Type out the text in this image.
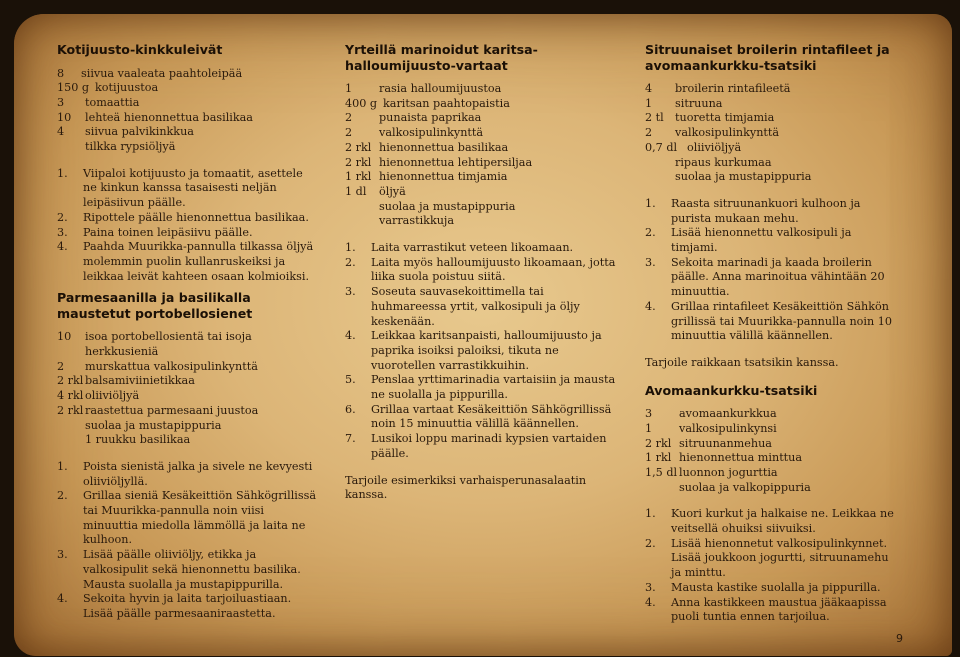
Kotijuusto-kinkkuleivät
8	siivua vaaleata paahtoleipää
150 g kotijuustoa
3	tomaattia
10	lehteä hienonnettua basilikaa
4	siivua palvikinkkua
tilkka rypsiöljyä
1.	Viipaloi kotijuusto ja tomaatit, asettele ne kinkun kanssa tasaisesti neljän leipäsiivun päälle.
2.	Ripottele päälle hienonnettua basilikaa.
3.	Paina toinen leipäsiivu päälle.
4.	Paahda Muurikka-pannulla tilkassa öljyä molemmin puolin kullanruskeiksi ja leikkaa leivät kahteen osaan kolmioiksi.
Parmesaanilla ja basilikalla maustetut portobellosienet
10	isoa portobellosientä tai isoja herkkusieniä
2	murskattua valkosipulinkynttä
2 rkl balsamiviinietikkaa
4 rkl oliiviöljyä
2 rkl raastettua parmesaani juustoa
suolaa ja mustapippuria
1 ruukku basilikaa
1.	Poista sienistä jalka ja sivele ne kevyesti oliiviöljyllä.
2.	Grillaa sieniä Kesäkeittiön Sähkögrillissä tai Muurikka-pannulla noin viisi minuuttia miedolla lämmöllä ja laita ne kulhoon.
3.	Lisää päälle oliiviöljy, etikka ja valkosipulit sekä hienonnettu basilika. Mausta suolalla ja mustapippurilla.
4.	Sekoita hyvin ja laita tarjoiluastiaan. Lisää päälle parmesaaniraastetta.
Yrteillä marinoidut karitsa-halloumijuusto-vartaat
1	rasia halloumijuustoa
400 g karitsan paahtopaistia
2	punaista paprikaa
2	valkosipulinkynttä
2 rkl hienonnettua basilikaa
2 rkl hienonnettua lehtipersiljaa
1 rkl hienonnettua timjamia
1 dl	öljyä
suolaa ja mustapippuria
varrastikkuja
1.	Laita varrastikut veteen likoamaan.
2.	Laita myös halloumijuusto likoamaan, jotta liika suola poistuu siitä.
3.	Soseuta sauvasekoittimella tai huhmareessa yrtit, valkosipuli ja öljy keskenään.
4.	Leikkaa karitsanpaisti, halloumijuusto ja paprika isoiksi paloiksi, tikuta ne vuorotellen varrastikkuihin.
5.	Penslaa yrttimarinadia vartaisiin ja mausta ne suolalla ja pippurilla.
6.	Grillaa vartaat Kesäkeittiön Sähkögrillissä noin 15 minuuttia välillä käännellen.
7.	Lusikoi loppu marinadi kypsien vartaiden päälle.

Tarjoile esimerkiksi varhaisperunasalaatin kanssa.

Sitruunaiset broilerin rintafileet ja avomaankurkku-tsatsiki
4	broilerin rintafileetä
1	sitruuna
2 tl	tuoretta timjamia
2	valkosipulinkynttä
0,7 dl oliiviöljyä
ripaus kurkumaa
suolaa ja mustapippuria
1.	Raasta sitruunankuori kulhoon ja purista mukaan mehu.
2.	Lisää hienonnettu valkosipuli ja timjami.
3.	Sekoita marinadi ja kaada broilerin päälle. Anna marinoitua vähintään 20 minuuttia.
4.	Grillaa rintafileet Kesäkeittiön Sähkön grillissä tai Muurikka-pannulla noin 10 minuuttia välillä käännellen.

Tarjoile raikkaan tsatsikin kanssa.

Avomaankurkku-tsatsiki
3	avomaankurkkua
1	valkosipulinkynsi
2 rkl sitruunanmehua
1 rkl hienonnettua minttua
1,5 dl luonnon jogurttia
suolaa ja valkopippuria
1.	Kuori kurkut ja halkaise ne. Leikkaa ne veitsellä ohuiksi siivuiksi.
2.	Lisää hienonnetut valkosipulinkynnet. Lisää joukkoon jogurtti, sitruunamehu ja minttu.
3.	Mausta kastike suolalla ja pippurilla.
4.	Anna kastikkeen maustua jääkaapissa puoli tuntia ennen tarjoilua.
9
